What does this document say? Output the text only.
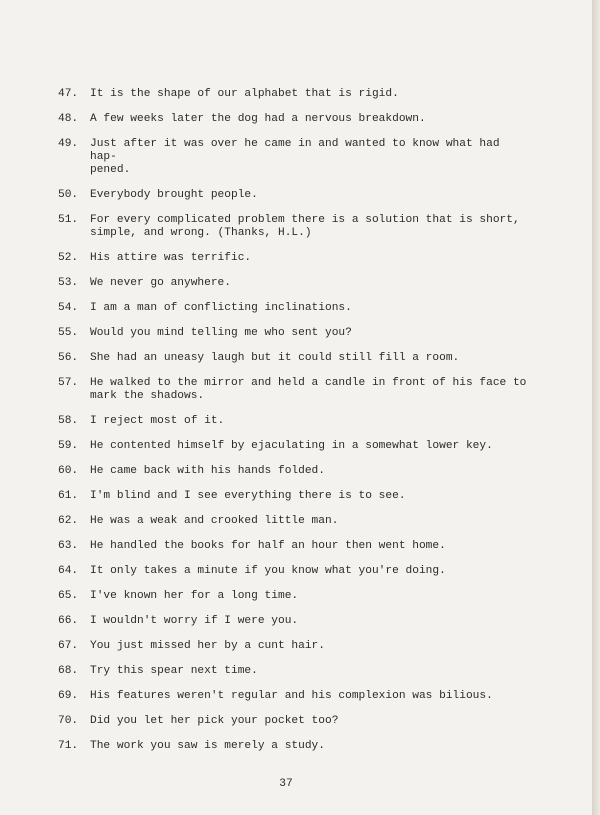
47.	It is the shape of our alphabet that is rigid.
48.	A few weeks later the dog had a nervous breakdown.
49.	Just after it was over he came in and wanted to know what had hap-
pened.
50.	Everybody brought people.
51.	For every complicated problem there is a solution that is short,
simple, and wrong. (Thanks, H.L.)
52.	His attire was terrific.
53.	We never go anywhere.
54.	I am a man of conflicting inclinations.
55.	Would you mind telling me who sent you?
56.	She had an uneasy laugh but it could still fill a room.
57.	He walked to the mirror and held a candle in front of his face to
mark the shadows.
58.	I reject most of it.
59.	He contented himself by ejaculating in a somewhat lower key.
60.	He came back with his hands folded.
61.	I'm blind and I see everything there is to see.
62.	He was a weak and crooked little man.
63.	He handled the books for half an hour then went home.
64.	It only takes a minute if you know what you're doing.
65.	I've known her for a long time.
66.	I wouldn't worry if I were you.
67.	You just missed her by a cunt hair.
68.	Try this spear next time.
69.	His features weren't regular and his complexion was bilious.
70.	Did you let her pick your pocket too?
71.	The work you saw is merely a study.
37
